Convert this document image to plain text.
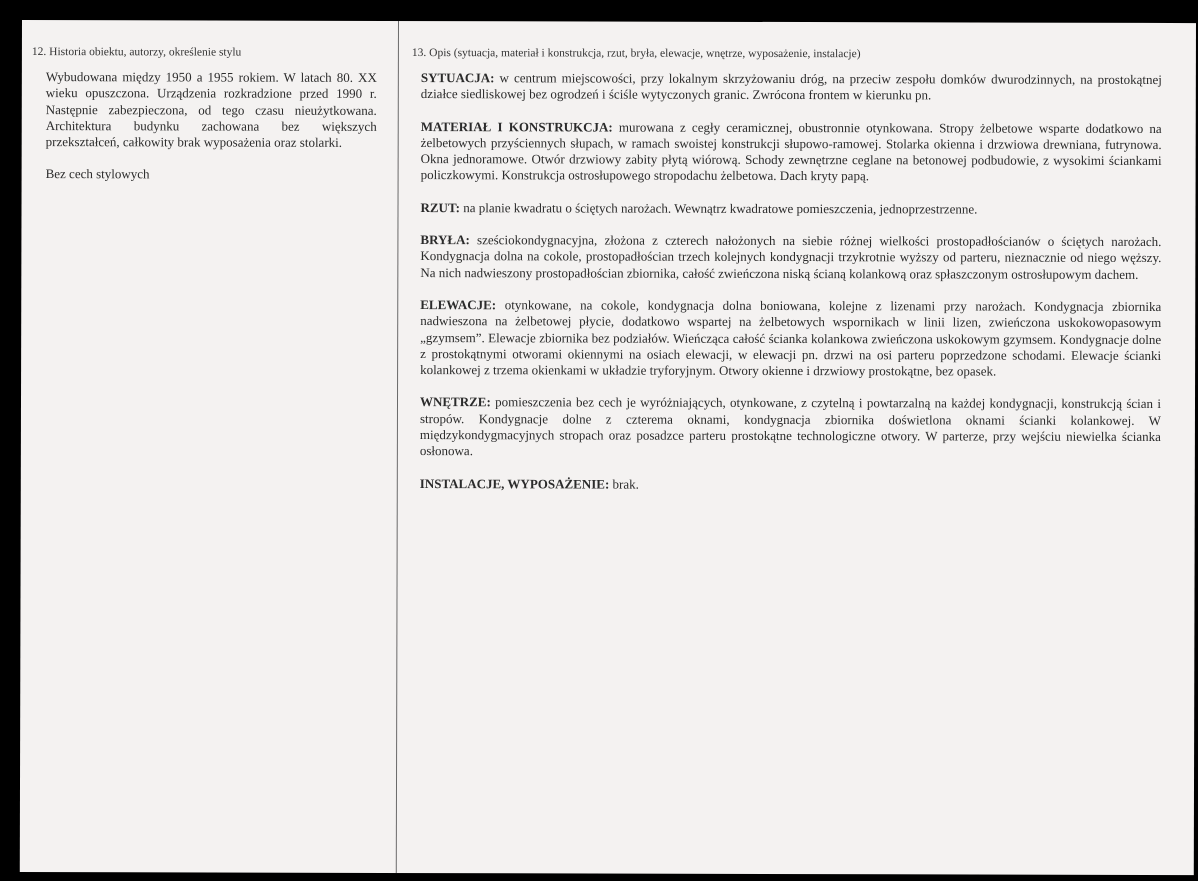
12. Historia obiektu, autorzy, określenie stylu

Wybudowana między 1950 a 1955 rokiem. W latach 80. XX wieku opuszczona. Urządzenia rozkradzione przed 1990 r. Następnie zabezpieczona, od tego czasu nieużytkowana. Architektura budynku zachowana bez większych przekształceń, całkowity brak wyposażenia oraz stolarki.

Bez cech stylowych

13. Opis (sytuacja, materiał i konstrukcja, rzut, bryła, elewacje, wnętrze, wyposażenie, instalacje)

SYTUACJA: w centrum miejscowości, przy lokalnym skrzyżowaniu dróg, na przeciw zespołu domków dwurodzinnych, na prostokątnej działce siedliskowej bez ogrodzeń i ściśle wytyczonych granic. Zwrócona frontem w kierunku pn.

MATERIAŁ I KONSTRUKCJA: murowana z cegły ceramicznej, obustronnie otynkowana. Stropy żelbetowe wsparte dodatkowo na żelbetowych przyściennych słupach, w ramach swoistej konstrukcji słupowo-ramowej. Stolarka okienna i drzwiowa drewniana, futrynowa. Okna jednoramowe. Otwór drzwiowy zabity płytą wiórową. Schody zewnętrzne ceglane na betonowej podbudowie, z wysokimi ściankami policzkowymi. Konstrukcja ostrosłupowego stropodachu żelbetowa. Dach kryty papą.

RZUT: na planie kwadratu o ściętych narożach. Wewnątrz kwadratowe pomieszczenia, jednoprzestrzenne.

BRYŁA: sześciokondygnacyjna, złożona z czterech nałożonych na siebie różnej wielkości prostopadłościanów o ściętych narożach. Kondygnacja dolna na cokole, prostopadłościan trzech kolejnych kondygnacji trzykrotnie wyższy od parteru, nieznacznie od niego węższy. Na nich nadwieszony prostopadłościan zbiornika, całość zwieńczona niską ścianą kolankową oraz spłaszczonym ostrosłupowym dachem.

ELEWACJE: otynkowane, na cokole, kondygnacja dolna boniowana, kolejne z lizenami przy narożach. Kondygnacja zbiornika nadwieszona na żelbetowej płycie, dodatkowo wspartej na żelbetowych wspornikach w linii lizen, zwieńczona uskokowopasowym „gzymsem”. Elewacje zbiornika bez podziałów. Wieńcząca całość ścianka kolankowa zwieńczona uskokowym gzymsem. Kondygnacje dolne z prostokątnymi otworami okiennymi na osiach elewacji, w elewacji pn. drzwi na osi parteru poprzedzone schodami. Elewacje ścianki kolankowej z trzema okienkami w układzie tryforyjnym. Otwory okienne i drzwiowy prostokątne, bez opasek.

WNĘTRZE: pomieszczenia bez cech je wyróżniających, otynkowane, z czytelną i powtarzalną na każdej kondygnacji, konstrukcją ścian i stropów. Kondygnacje dolne z czterema oknami, kondygnacja zbiornika doświetlona oknami ścianki kolankowej. W międzykondygmacyjnych stropach oraz posadzce parteru prostokątne technologiczne otwory. W parterze, przy wejściu niewielka ścianka osłonowa.

INSTALACJE, WYPOSAŻENIE: brak.
